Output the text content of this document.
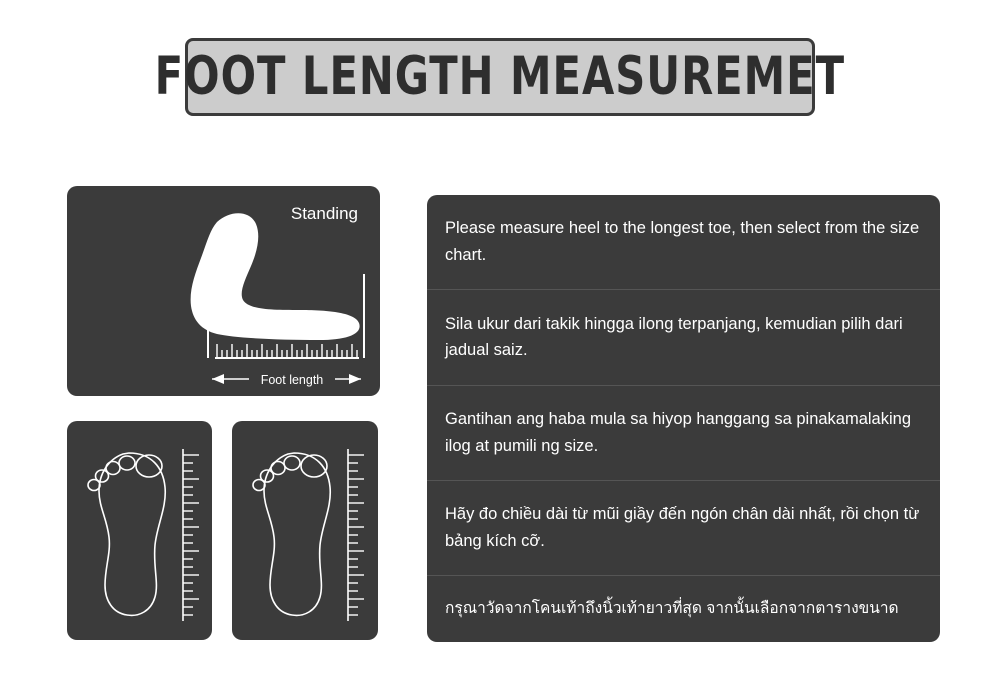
FOOT LENGTH MEASUREMET
Standing
Foot length
Please measure heel to the longest toe, then select from the size chart.
Sila ukur dari takik hingga ilong terpanjang, kemudian pilih dari jadual saiz.
Gantihan ang haba mula sa hiyop hanggang sa pinakamalaking ilog at pumili ng size.
Hãy đo chiều dài từ mũi giầy đến ngón chân dài nhất, rồi chọn từ bảng kích cỡ.
กรุณาวัดจากโคนเท้าถึงนิ้วเท้ายาวที่สุด จากนั้นเลือกจากตารางขนาด
